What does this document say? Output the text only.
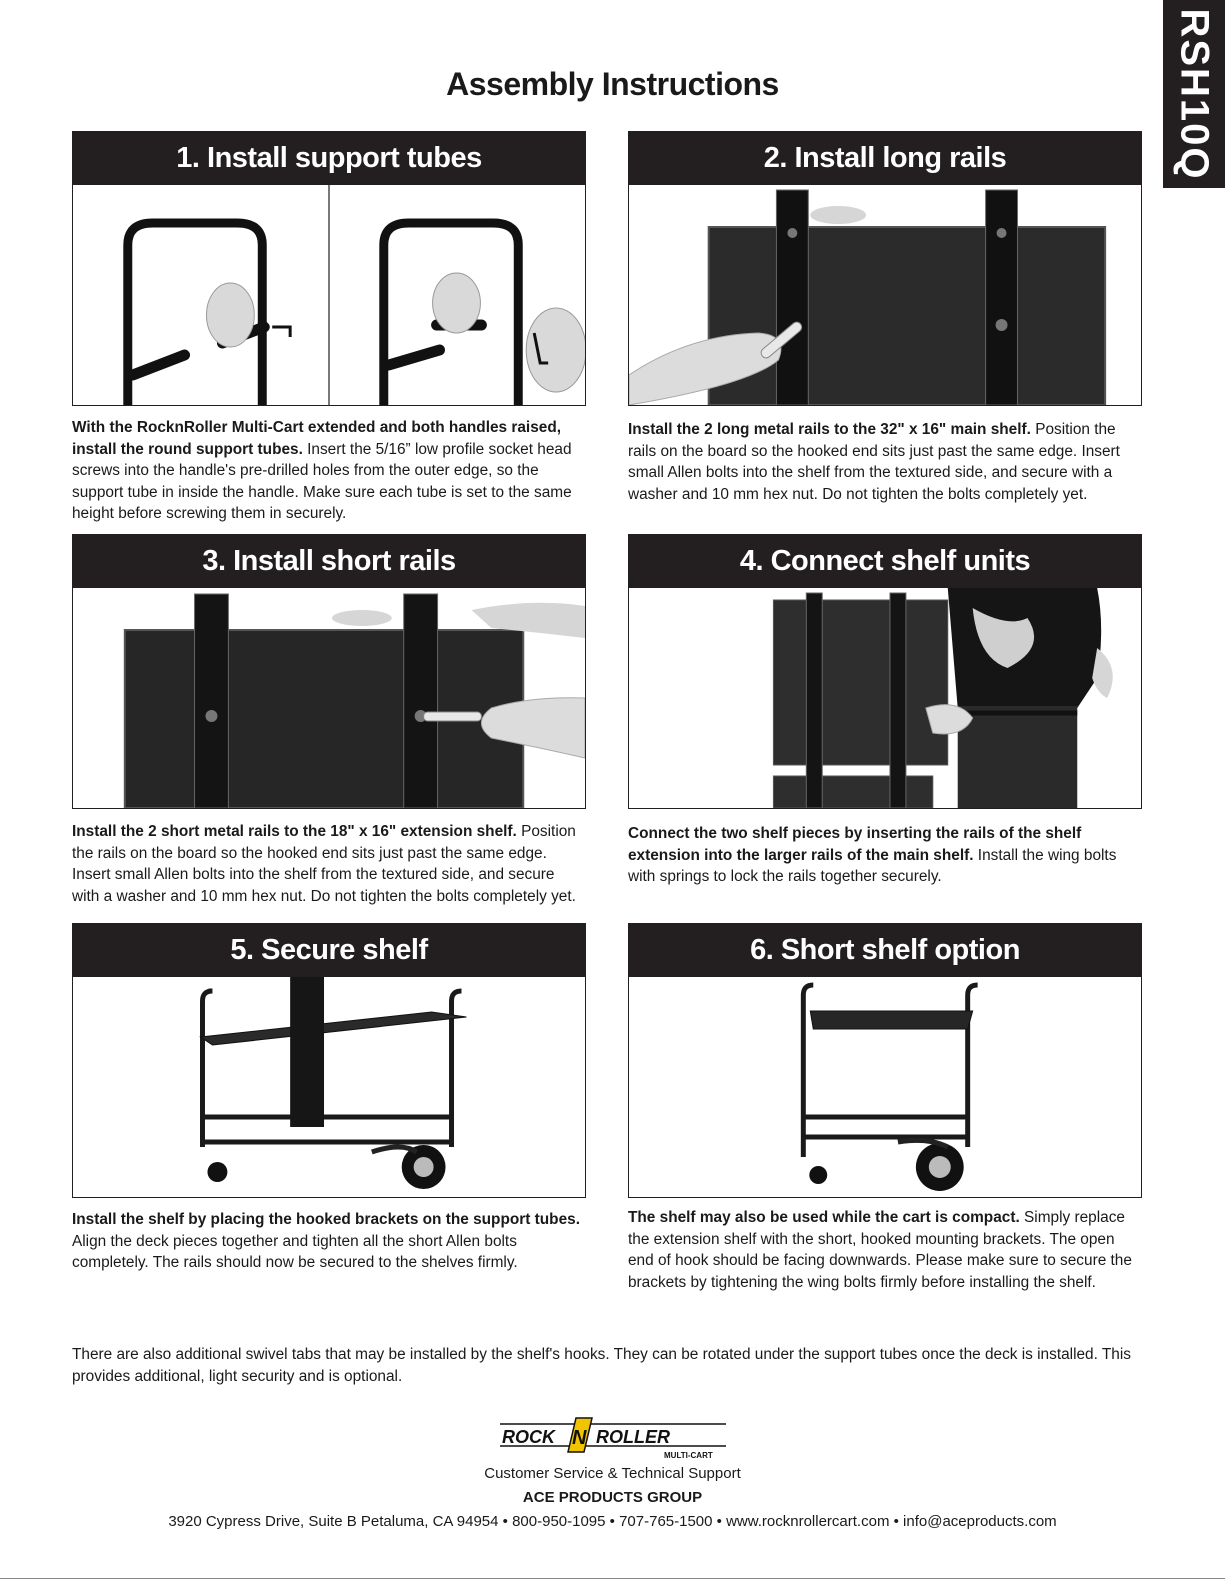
RSH10Q
Assembly Instructions
1. Install support tubes

With the RocknRoller Multi-Cart extended and both handles raised, install the round support tubes. Insert the 5/16” low profile socket head screws into the handle's pre-drilled holes from the outer edge, so the support tube in inside the handle. Make sure each tube is set to the same height before screwing them in securely.

2. Install long rails

Install the 2 long metal rails to the 32" x 16" main shelf. Position the rails on the board so the hooked end sits just past the same edge. Insert small Allen bolts into the shelf from the textured side, and secure with a washer and 10 mm hex nut. Do not tighten the bolts completely yet.

3. Install short rails

Install the 2 short metal rails to the 18" x 16" extension shelf. Position the rails on the board so the hooked end sits just past the same edge. Insert small Allen bolts into the shelf from the textured side, and secure with a washer and 10 mm hex nut. Do not tighten the bolts completely yet.

4. Connect shelf units

Connect the two shelf pieces by inserting the rails of the shelf extension into the larger rails of the main shelf. Install the wing bolts with springs to lock the rails together securely.

5. Secure shelf

Install the shelf by placing the hooked brackets on the support tubes. Align the deck pieces together and tighten all the short Allen bolts completely. The rails should now be secured to the shelves firmly.

6. Short shelf option

The shelf may also be used while the cart is compact. Simply replace the extension shelf with the short, hooked mounting brackets. The open end of hook should be facing downwards. Please make sure to secure the brackets by tightening the wing bolts firmly before installing the shelf.

There are also additional swivel tabs that may be installed by the shelf's hooks. They can be rotated under the support tubes once the deck is installed. This provides additional, light security and is optional.

ROCK N ROLLER
MULTI-CART

Customer Service & Technical Support

ACE PRODUCTS GROUP

3920 Cypress Drive, Suite B Petaluma, CA 94954 • 800-950-1095 • 707-765-1500 • www.rocknrollercart.com • info@aceproducts.com
